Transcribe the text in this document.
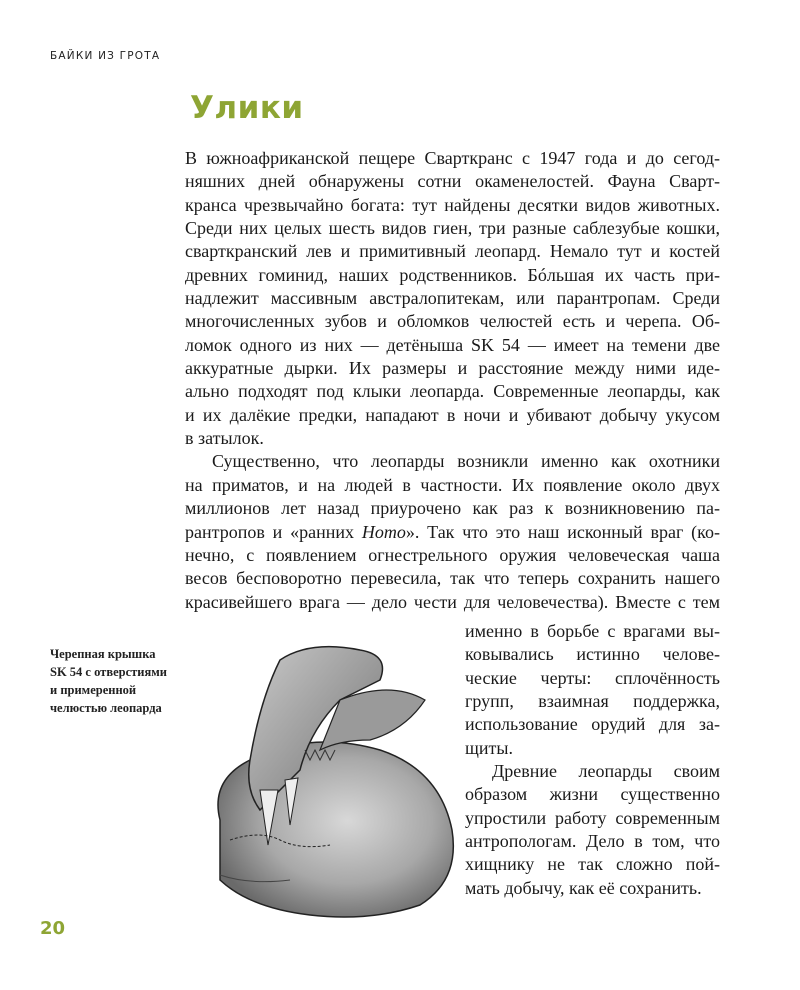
БАЙКИ ИЗ ГРОТА
Улики
В южноафриканской пещере Сварткранс с 1947 года и до сегод-
няшних дней обнаружены сотни окаменелостей. Фауна Сварт-
кранса чрезвычайно богата: тут найдены десятки видов животных.
Среди них целых шесть видов гиен, три разные саблезубые кошки,
сварткранский лев и примитивный леопард. Немало тут и костей
древних гоминид, наших родственников. Бóльшая их часть при-
надлежит массивным австралопитекам, или парантропам. Среди
многочисленных зубов и обломков челюстей есть и черепа. Об-
ломок одного из них — детёныша SK 54 — имеет на темени две
аккуратные дырки. Их размеры и расстояние между ними иде-
ально подходят под клыки леопарда. Современные леопарды, как
и их далёкие предки, нападают в ночи и убивают добычу укусом
в затылок.
Существенно, что леопарды возникли именно как охотники
на приматов, и на людей в частности. Их появление около двух
миллионов лет назад приурочено как раз к возникновению па-
рантропов и «ранних Homo». Так что это наш исконный враг (ко-
нечно, с появлением огнестрельного оружия человеческая чаша
весов бесповоротно перевесила, так что теперь сохранить нашего
красивейшего врага — дело чести для человечества). Вместе с тем
именно в борьбе с врагами вы-
ковывались истинно челове-
ческие черты: сплочённость
групп, взаимная поддержка,
использование орудий для за-
щиты.
Древние леопарды своим
образом жизни существенно
упростили работу современным
антропологам. Дело в том, что
хищнику не так сложно пой-
мать добычу, как её сохранить.
Черепная крышка
SK 54 с отверстиями
и примеренной
челюстью леопарда
20
